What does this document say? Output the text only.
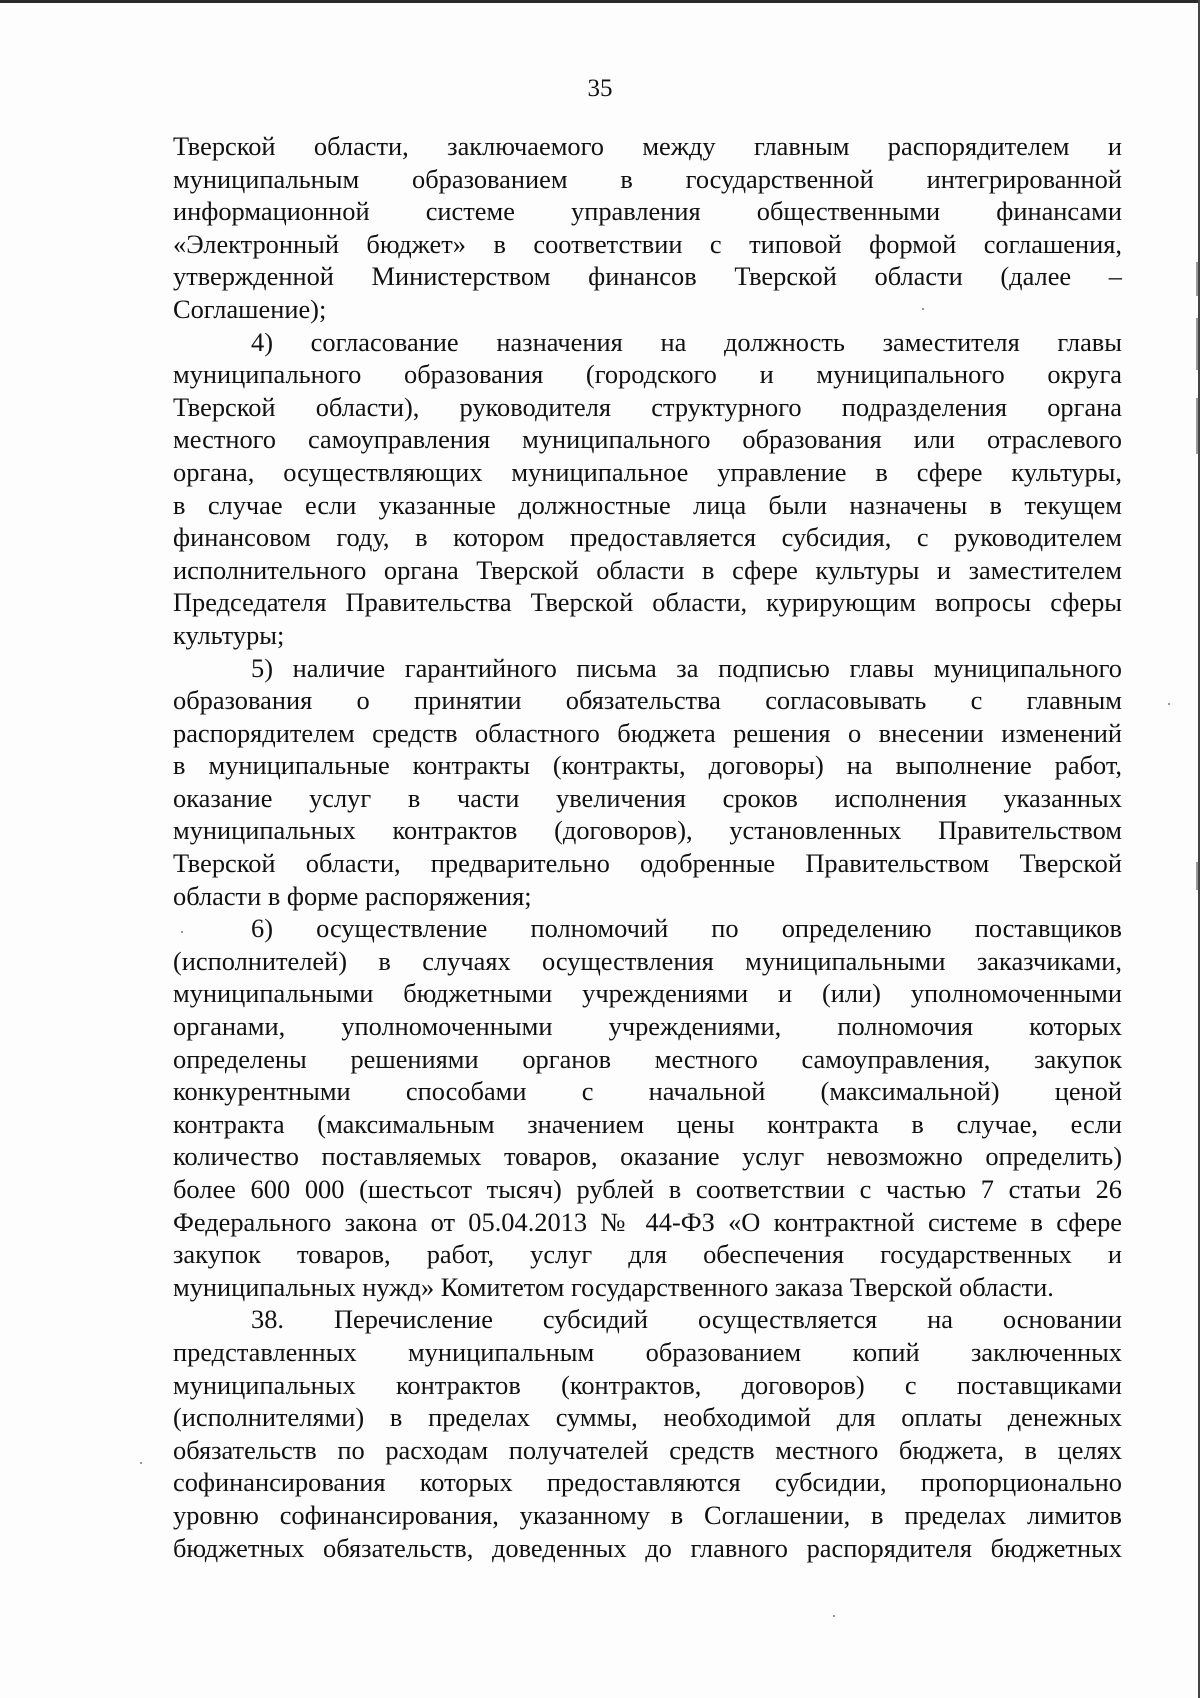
35
Тверской области, заключаемого между главным распорядителем и
муниципальным образованием в государственной интегрированной
информационной системе управления общественными финансами
«Электронный бюджет» в соответствии с типовой формой соглашения,
утвержденной Министерством финансов Тверской области (далее –
Соглашение);
4) согласование назначения на должность заместителя главы
муниципального образования (городского и муниципального округа
Тверской области), руководителя структурного подразделения органа
местного самоуправления муниципального образования или отраслевого
органа, осуществляющих муниципальное управление в сфере культуры,
в случае если указанные должностные лица были назначены в текущем
финансовом году, в котором предоставляется субсидия, с руководителем
исполнительного органа Тверской области в сфере культуры и заместителем
Председателя Правительства Тверской области, курирующим вопросы сферы
культуры;
5) наличие гарантийного письма за подписью главы муниципального
образования о принятии обязательства согласовывать с главным
распорядителем средств областного бюджета решения о внесении изменений
в муниципальные контракты (контракты, договоры) на выполнение работ,
оказание услуг в части увеличения сроков исполнения указанных
муниципальных контрактов (договоров), установленных Правительством
Тверской области, предварительно одобренные Правительством Тверской
области в форме распоряжения;
6) осуществление полномочий по определению поставщиков
(исполнителей) в случаях осуществления муниципальными заказчиками,
муниципальными бюджетными учреждениями и (или) уполномоченными
органами, уполномоченными учреждениями, полномочия которых
определены решениями органов местного самоуправления, закупок
конкурентными способами с начальной (максимальной) ценой
контракта (максимальным значением цены контракта в случае, если
количество поставляемых товаров, оказание услуг невозможно определить)
более 600 000 (шестьсот тысяч) рублей в соответствии с частью 7 статьи 26
Федерального закона от 05.04.2013 № 44-ФЗ «О контрактной системе в сфере
закупок товаров, работ, услуг для обеспечения государственных и
муниципальных нужд» Комитетом государственного заказа Тверской области.
38. Перечисление субсидий осуществляется на основании
представленных муниципальным образованием копий заключенных
муниципальных контрактов (контрактов, договоров) с поставщиками
(исполнителями) в пределах суммы, необходимой для оплаты денежных
обязательств по расходам получателей средств местного бюджета, в целях
софинансирования которых предоставляются субсидии, пропорционально
уровню софинансирования, указанному в Соглашении, в пределах лимитов
бюджетных обязательств, доведенных до главного распорядителя бюджетных
